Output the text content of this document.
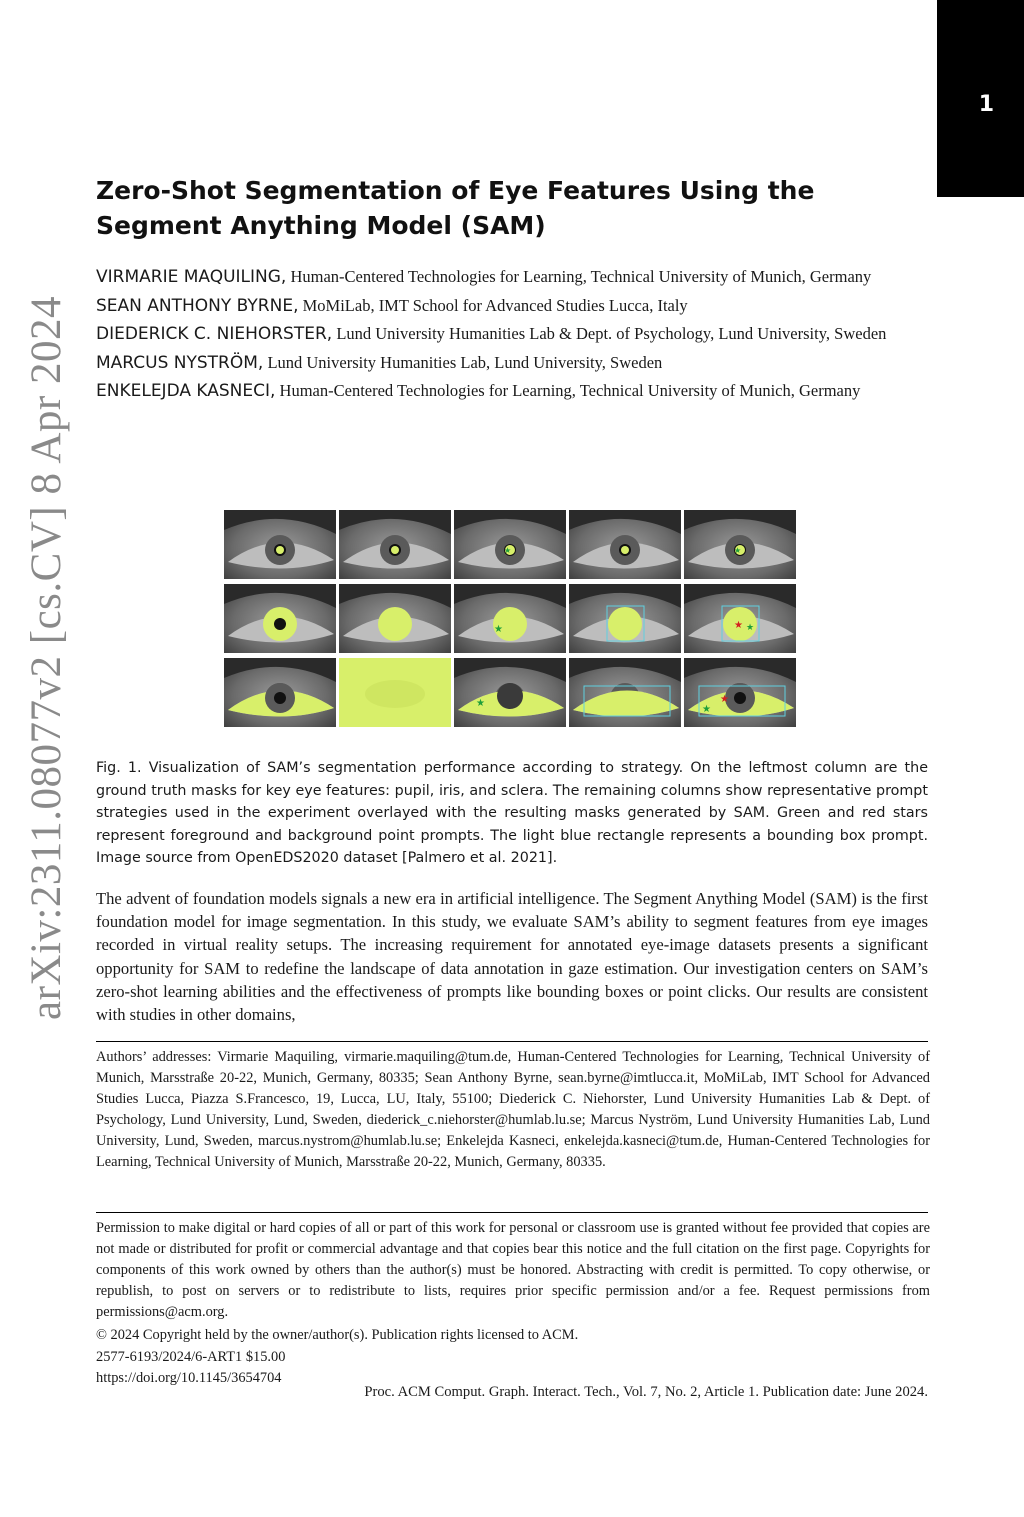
1
arXiv:2311.08077v2 [cs.CV] 8 Apr 2024
Zero-Shot Segmentation of Eye Features Using the Segment Anything Model (SAM)
VIRMARIE MAQUILING, Human-Centered Technologies for Learning, Technical University of Munich, Germany
SEAN ANTHONY BYRNE, MoMiLab, IMT School for Advanced Studies Lucca, Italy
DIEDERICK C. NIEHORSTER, Lund University Humanities Lab & Dept. of Psychology, Lund University, Sweden
MARCUS NYSTRÖM, Lund University Humanities Lab, Lund University, Sweden
ENKELEJDA KASNECI, Human-Centered Technologies for Learning, Technical University of Munich, Germany
★	★
★	★ ★
★	★
★
Fig. 1. Visualization of SAM’s segmentation performance according to strategy. On the leftmost column are the ground truth masks for key eye features: pupil, iris, and sclera. The remaining columns show representative prompt strategies used in the experiment overlayed with the resulting masks generated by SAM. Green and red stars represent foreground and background point prompts. The light blue rectangle represents a bounding box prompt. Image source from OpenEDS2020 dataset [Palmero et al. 2021].
The advent of foundation models signals a new era in artificial intelligence. The Segment Anything Model (SAM) is the first foundation model for image segmentation. In this study, we evaluate SAM’s ability to segment features from eye images recorded in virtual reality setups. The increasing requirement for annotated eye-image datasets presents a significant opportunity for SAM to redefine the landscape of data annotation in gaze estimation. Our investigation centers on SAM’s zero-shot learning abilities and the effectiveness of prompts like bounding boxes or point clicks. Our results are consistent with studies in other domains,
Authors’ addresses: Virmarie Maquiling, virmarie.maquiling@tum.de, Human-Centered Technologies for Learning, Technical University of Munich, Marsstraße 20-22, Munich, Germany, 80335; Sean Anthony Byrne, sean.byrne@imtlucca.it, MoMiLab, IMT School for Advanced Studies Lucca, Piazza S.Francesco, 19, Lucca, LU, Italy, 55100; Diederick C. Niehorster, Lund University Humanities Lab & Dept. of Psychology, Lund University, Lund, Sweden, diederick_c.niehorster@humlab.lu.se; Marcus Nyström, Lund University Humanities Lab, Lund University, Lund, Sweden, marcus.nystrom@humlab.lu.se; Enkelejda Kasneci, enkelejda.kasneci@tum.de, Human-Centered Technologies for Learning, Technical University of Munich, Marsstraße 20-22, Munich, Germany, 80335.
Permission to make digital or hard copies of all or part of this work for personal or classroom use is granted without fee provided that copies are not made or distributed for profit or commercial advantage and that copies bear this notice and the full citation on the first page. Copyrights for components of this work owned by others than the author(s) must be honored. Abstracting with credit is permitted. To copy otherwise, or republish, to post on servers or to redistribute to lists, requires prior specific permission and/or a fee. Request permissions from permissions@acm.org.
© 2024 Copyright held by the owner/author(s). Publication rights licensed to ACM.
2577-6193/2024/6-ART1 $15.00
https://doi.org/10.1145/3654704
Proc. ACM Comput. Graph. Interact. Tech., Vol. 7, No. 2, Article 1. Publication date: June 2024.
